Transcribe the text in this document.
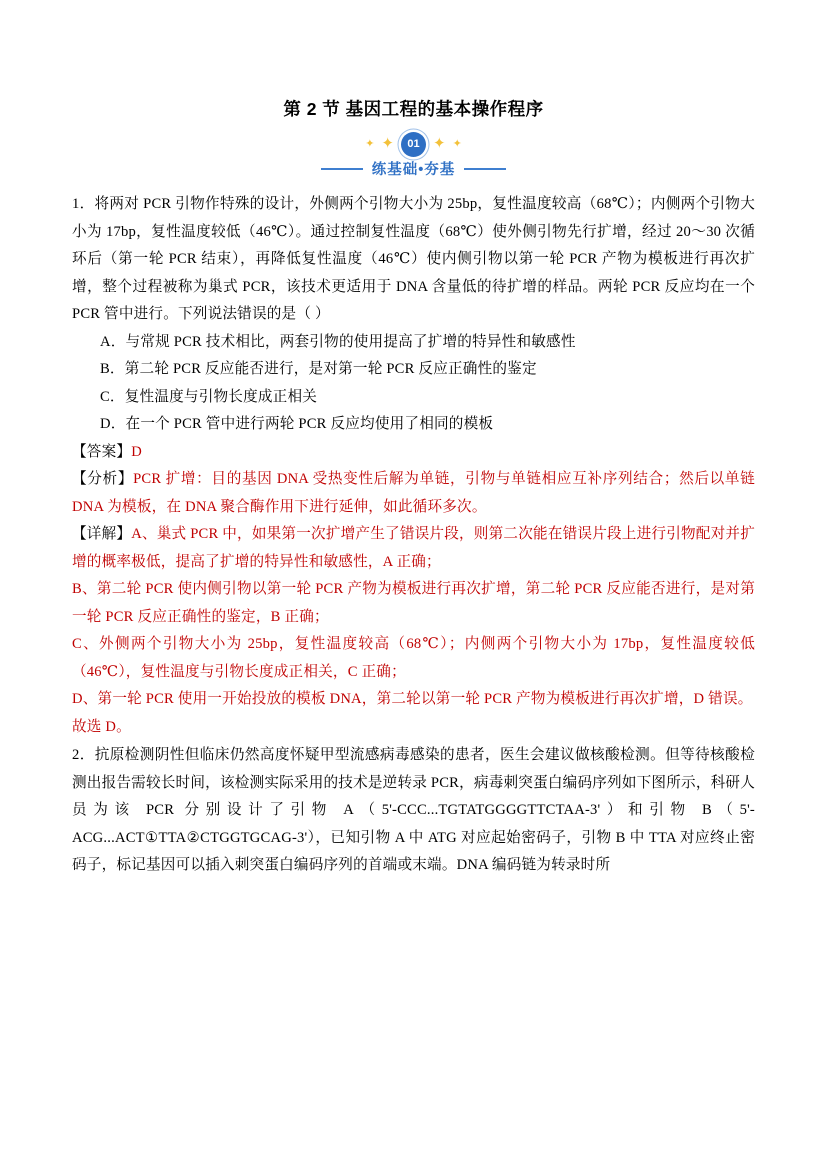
第 2 节 基因工程的基本操作程序
✦ ✦	01 ✦ ✦
练基础•夯基

1．将两对 PCR 引物作特殊的设计，外侧两个引物大小为 25bp，复性温度较高（68℃）；内侧两个引物大小为 17bp，复性温度较低（46℃）。通过控制复性温度（68℃）使外侧引物先行扩增，经过 20～30 次循环后（第一轮 PCR 结束），再降低复性温度（46℃）使内侧引物以第一轮 PCR 产物为模板进行再次扩增，整个过程被称为巢式 PCR，该技术更适用于 DNA 含量低的待扩增的样品。两轮 PCR 反应均在一个 PCR 管中进行。下列说法错误的是（ ）

A．与常规 PCR 技术相比，两套引物的使用提高了扩增的特异性和敏感性

B．第二轮 PCR 反应能否进行，是对第一轮 PCR 反应正确性的鉴定

C．复性温度与引物长度成正相关

D．在一个 PCR 管中进行两轮 PCR 反应均使用了相同的模板

【答案】D

【分析】PCR 扩增：目的基因 DNA 受热变性后解为单链，引物与单链相应互补序列结合；然后以单链 DNA 为模板，在 DNA 聚合酶作用下进行延伸，如此循环多次。

【详解】A、巢式 PCR 中，如果第一次扩增产生了错误片段，则第二次能在错误片段上进行引物配对并扩增的概率极低，提高了扩增的特异性和敏感性，A 正确；

B、第二轮 PCR 使内侧引物以第一轮 PCR 产物为模板进行再次扩增，第二轮 PCR 反应能否进行，是对第一轮 PCR 反应正确性的鉴定，B 正确；

C、外侧两个引物大小为 25bp，复性温度较高（68℃）；内侧两个引物大小为 17bp，复性温度较低（46℃），复性温度与引物长度成正相关，C 正确；

D、第一轮 PCR 使用一开始投放的模板 DNA，第二轮以第一轮 PCR 产物为模板进行再次扩增，D 错误。

故选 D。

2．抗原检测阴性但临床仍然高度怀疑甲型流感病毒感染的患者，医生会建议做核酸检测。但等待核酸检测出报告需较长时间，该检测实际采用的技术是逆转录 PCR，病毒刺突蛋白编码序列如下图所示，科研人员为该 PCR 分别设计了引物 A（5'-CCC...TGTATGGGGTTCTAA-3'）和引物 B（5'-ACG...ACT①TTA②CTGGTGCAG-3'），已知引物 A 中 ATG 对应起始密码子，引物 B 中 TTA 对应终止密码子，标记基因可以插入刺突蛋白编码序列的首端或末端。DNA 编码链为转录时所
